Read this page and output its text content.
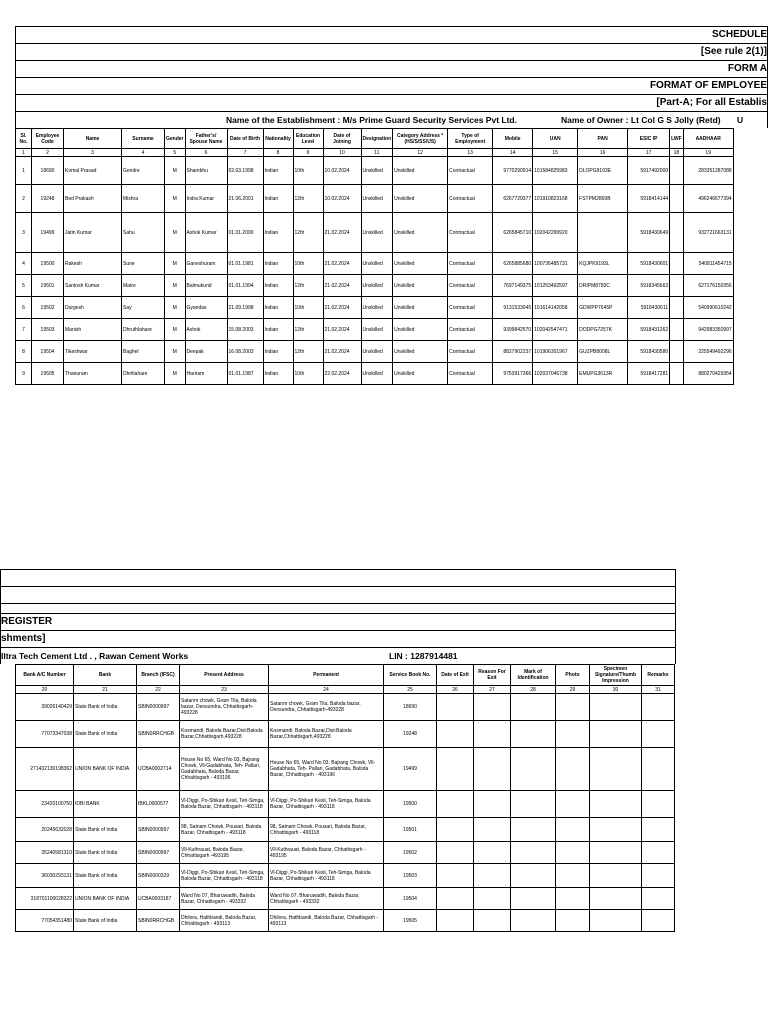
SCHEDULE
[See rule 2(1)]
FORM A
FORMAT OF EMPLOYEE
[Part-A; For all Establis
Name of the Establishment : M/s Prime Guard Security Services Pvt Ltd.	Name of Owner : Lt Col G S Jolly (Retd) U
Sl. No.	Employee Code	Name	Surname	Gender	Father's/ Spouse Name	Date of Birth	Nationality	Education Level	Date of Joining	Designation	Category Address *(HS/S/SS/US)	Type of Employment	Mobile	UAN	PAN	ESIC IP	LWF	AADHAAR
1	2	3	4	5	6	7	8	9	10	11	12	13	14	15	16	17	18	19
1	18690	Komal Prasad	Gendre	M	Shambhu	02.03.1998	Indian	10th	10.02.2024	Unskilled	Unskilled	Contractual	9770290914	101584825983	DLOPG9103E	5917492000		283351287088
2	19248	Bed Prakash	Mishra	M	Indra Kumar	21.06.2001	Indian	12th	10.02.2024	Unskilled	Unskilled	Contractual	6267729377	101910823168	FSTPM2869B	5918414144		496246677394
3	19499	Jatin Kumar	Sahu	M	Ashok Kumar	01.01.2000	Indian	12th	21.02.2024	Unskilled	Unskilled	Contractual	6265845710	102042299920		5918430649		932721663131
4	19500	Rakesh	Sune	M	Ganeshuram	01.01.1981	Indian	10th	21.02.2024	Unskilled	Unskilled	Contractual	6265885680	100736485731	KQJPK9193L	5918430601		540811454715
5	19501	Santosh Kumar	Matre	M	Balmukund	01.01.1994	Indian	12th	21.02.2024	Unskilled	Unskilled	Contractual	7697149375	101253492597	DRIPM8783C	5918345663		627176150356
6	19502	Durgesh	Say	M	Gyandas	21.09.1998	Indian	10th	21.02.2024	Unskilled	Unskilled	Contractual	9131533045	101614142058	GDWPP7645P	5918430611		540990610242
7	19503	Manish	Dhruthlahare	M	Ashok	15.08.2003	Indian	12th	21.02.2024	Unskilled	Unskilled	Contractual	9399842570	102042547471	DODPG7257K	5918431262		942983350997
8	19504	Tikeshwar	Baghel	M	Deepak	16.08.2003	Indian	12th	21.02.2024	Unskilled	Unskilled	Contractual	8827902237	101906301967	GUZPB8008L	5918430580		225549492296
9	19505	Thanuram	Dhritlahare	M	Hariram	01.01.1987	Indian	10th	22.02.2024	Unskilled	Unskilled	Contractual	9753917366	102037046738	EMUPG3613R	5918417281		880270429354
REGISTER
shments]
Iltra Tech Cement Ltd . , Rawan Cement Works	LIN : 1287914481
Bank A/C Number	Bank	Branch (IFSC)	Present Address	Permanent	Service Book No.	Date of Exit	Reason For Exit	Mark of Identification	Photo	Specimen Signature/Thumb Impression	Remarks
20	21	22	23	24	25	26	27	28	29	30	31
39026140429	State Bank of India	SBIN0000997	Satanm chowk, Gram Tila, Baloda bazar, Deosundra, Chhattisgarh-493228	Satanm chowk, Gram Tila, Baloda bazar, Deosundra, Chhattisgarh-493228	18690						
77073347038	State Bank of India	SBIN0RRCHGB	Kosmandi, Baloda Bazar,Dist:Baloda Bazar,Chhattisgarh,493228	Kosmandi, Baloda Bazar,Dist:Baloda Bazar,Chhattisgarh,493228	19248						
271432130198362	UNION BANK OF INDIA	UCBA0002714	House No 65, Ward No 03, Bajrang Chowk, Vll-Gadabhata, Teh- Pallari, Gadabhata, Baloda Bazar, Chhattisgarh - 493196	House No 65, Ward No 03, Bajrang Chowk, Vll-Gadabhata, Teh- Pallari, Gadabhata, Baloda Bazar, Chhattisgarh - 493196	19499						
23420100750	IDBI BANK	IBKL0000577	Vl-Diggi, Po-Shikari Kesli, Teh-Simga, Baloda Bazar, Chhattisgarh - 493118	Vl-Diggi, Po-Shikari Kesli, Teh-Simga, Baloda Bazar, Chhattisgarh - 493118	19500						
20245632028	State Bank of India	SBIN0000997	98, Satnam Chowk, Pousari, Baloda Bazar, Chhattisgarh - 493118	98, Satnam Chowk, Pousari, Baloda Bazar, Chhattisgarh - 493118	19501						
35240581310	State Bank of India	SBIN0000997	Vll-Kuthrauat, Baloda Bazar, Chhattisgarh -493195	Vll-Kuthrauat, Baloda Bazar, Chhattisgarh - 493195	19502						
36030293131	State Bank of India	SBIN0000329	Vl-Diggi, Po-Shikari Kesli, Teh-Simga, Baloda Bazar, Chhattisgarh - 493118	Vl-Diggi, Po-Shikari Kesli, Teh-Simga, Baloda Bazar, Chhattisgarh - 493118	19503						
318701100028322	UNION BANK OF INDIA	UCBA0003187	Ward No 07, Bharuwadih, Baloda Bazar, Chhattisgarh - 493332	Ward No 07, Bharuwadih, Baloda Bazar, Chhattisgarh - 493332	19504						
77054351480	State Bank of India	SBIN0RRCHGB	Dhilora, Hathbandi, Baloda Bazar, Chhattisgarh - 493113	Dhilora, Hathbandi, Baloda Bazar, Chhattisgarh - 493113	19505						
